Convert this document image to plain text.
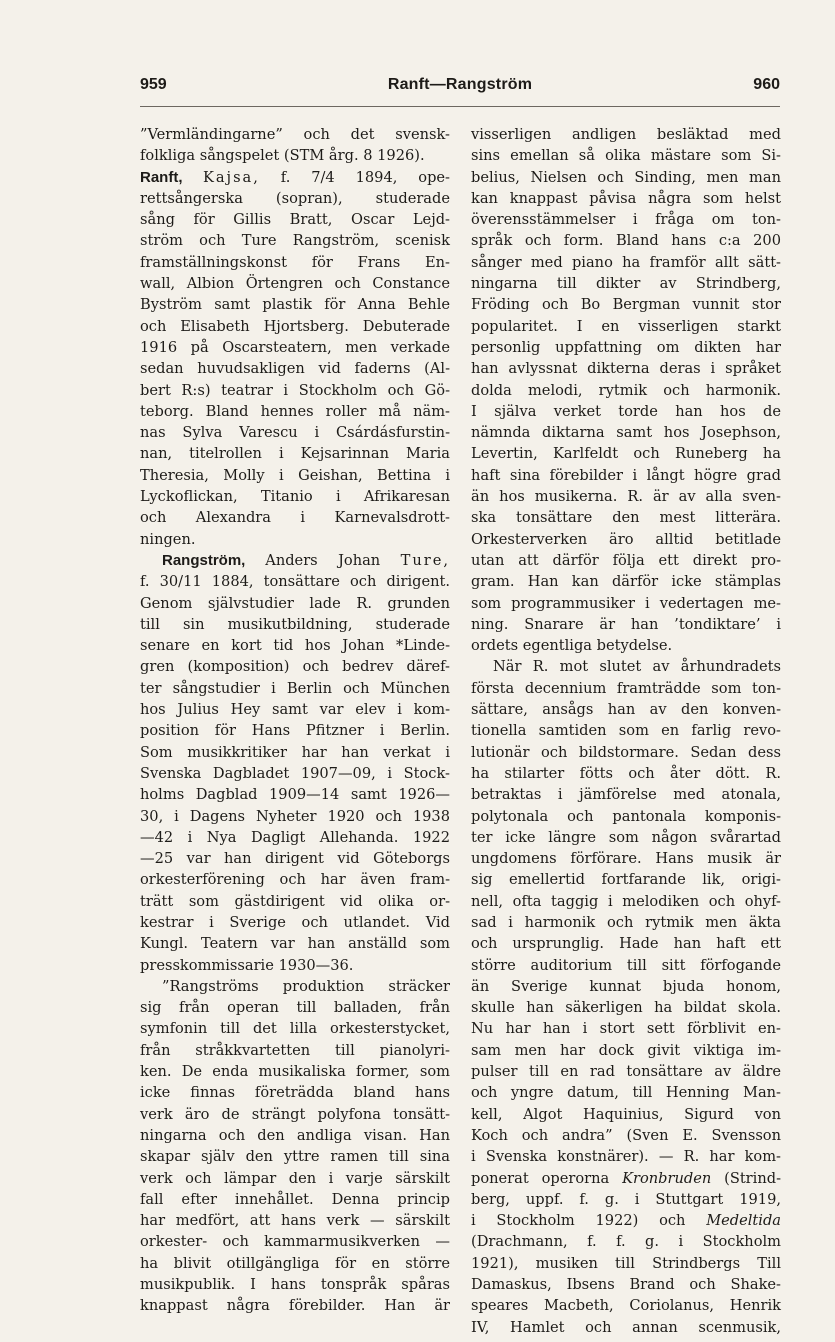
959	Ranft—Rangström	960
”Vermländingarne” och det svensk-
folkliga sångspelet (STM årg. 8 1926).
Ranft, Kajsa, f. 7/4 1894, ope-
rettsångerska (sopran), studerade
sång för Gillis Bratt, Oscar Lejd-
ström och Ture Rangström, scenisk
framställningskonst för Frans En-
wall, Albion Örtengren och Constance
Byström samt plastik för Anna Behle
och Elisabeth Hjortsberg. Debuterade
1916 på Oscarsteatern, men verkade
sedan huvudsakligen vid faderns (Al-
bert R:s) teatrar i Stockholm och Gö-
teborg. Bland hennes roller må näm-
nas Sylva Varescu i Csárdásfurstin-
nan, titelrollen i Kejsarinnan Maria
Theresia, Molly i Geishan, Bettina i
Lyckoflickan, Titanio i Afrikaresan
och Alexandra i Karnevalsdrott-
ningen.
Rangström, Anders Johan Ture,
f. 30/11 1884, tonsättare och dirigent.
Genom självstudier lade R. grunden
till sin musikutbildning, studerade
senare en kort tid hos Johan *Linde-
gren (komposition) och bedrev däref-
ter sångstudier i Berlin och München
hos Julius Hey samt var elev i kom-
position för Hans Pfitzner i Berlin.
Som musikkritiker har han verkat i
Svenska Dagbladet 1907—09, i Stock-
holms Dagblad 1909—14 samt 1926—
30, i Dagens Nyheter 1920 och 1938
—42 i Nya Dagligt Allehanda. 1922
—25 var han dirigent vid Göteborgs
orkesterförening och har även fram-
trätt som gästdirigent vid olika or-
kestrar i Sverige och utlandet. Vid
Kungl. Teatern var han anställd som
presskommissarie 1930—36.
”Rangströms produktion sträcker
sig från operan till balladen, från
symfonin till det lilla orkesterstycket,
från stråkkvartetten till pianolyri-
ken. De enda musikaliska former, som
icke finnas företrädda bland hans
verk äro de strängt polyfona tonsätt-
ningarna och den andliga visan. Han
skapar själv den yttre ramen till sina
verk och lämpar den i varje särskilt
fall efter innehållet. Denna princip
har medfört, att hans verk — särskilt
orkester- och kammarmusikverken —
ha blivit otillgängliga för en större
musikpublik. I hans tonspråk spåras
knappast några förebilder. Han är
visserligen andligen besläktad med
sins emellan så olika mästare som Si-
belius, Nielsen och Sinding, men man
kan knappast påvisa några som helst
överensstämmelser i fråga om ton-
språk och form. Bland hans c:a 200
sånger med piano ha framför allt sätt-
ningarna till dikter av Strindberg,
Fröding och Bo Bergman vunnit stor
popularitet. I en visserligen starkt
personlig uppfattning om dikten har
han avlyssnat dikterna deras i språket
dolda melodi, rytmik och harmonik.
I själva verket torde han hos de
nämnda diktarna samt hos Josephson,
Levertin, Karlfeldt och Runeberg ha
haft sina förebilder i långt högre grad
än hos musikerna. R. är av alla sven-
ska tonsättare den mest litterära.
Orkesterverken äro alltid betitlade
utan att därför följa ett direkt pro-
gram. Han kan därför icke stämplas
som programmusiker i vedertagen me-
ning. Snarare är han ’tondiktare’ i
ordets egentliga betydelse.
När R. mot slutet av århundradets
första decennium framträdde som ton-
sättare, ansågs han av den konven-
tionella samtiden som en farlig revo-
lutionär och bildstormare. Sedan dess
ha stilarter fötts och åter dött. R.
betraktas i jämförelse med atonala,
polytonala och pantonala komponis-
ter icke längre som någon svårartad
ungdomens förförare. Hans musik är
sig emellertid fortfarande lik, origi-
nell, ofta taggig i melodiken och ohyf-
sad i harmonik och rytmik men äkta
och ursprunglig. Hade han haft ett
större auditorium till sitt förfogande
än Sverige kunnat bjuda honom,
skulle han säkerligen ha bildat skola.
Nu har han i stort sett förblivit en-
sam men har dock givit viktiga im-
pulser till en rad tonsättare av äldre
och yngre datum, till Henning Man-
kell, Algot Haquinius, Sigurd von
Koch och andra” (Sven E. Svensson
i Svenska konstnärer). — R. har kom-
ponerat operorna Kronbruden (Strind-
berg, uppf. f. g. i Stuttgart 1919,
i Stockholm 1922) och Medeltida
(Drachmann, f. f. g. i Stockholm
1921), musiken till Strindbergs Till
Damaskus, Ibsens Brand och Shake-
speares Macbeth, Coriolanus, Henrik
IV, Hamlet och annan scenmusik,
